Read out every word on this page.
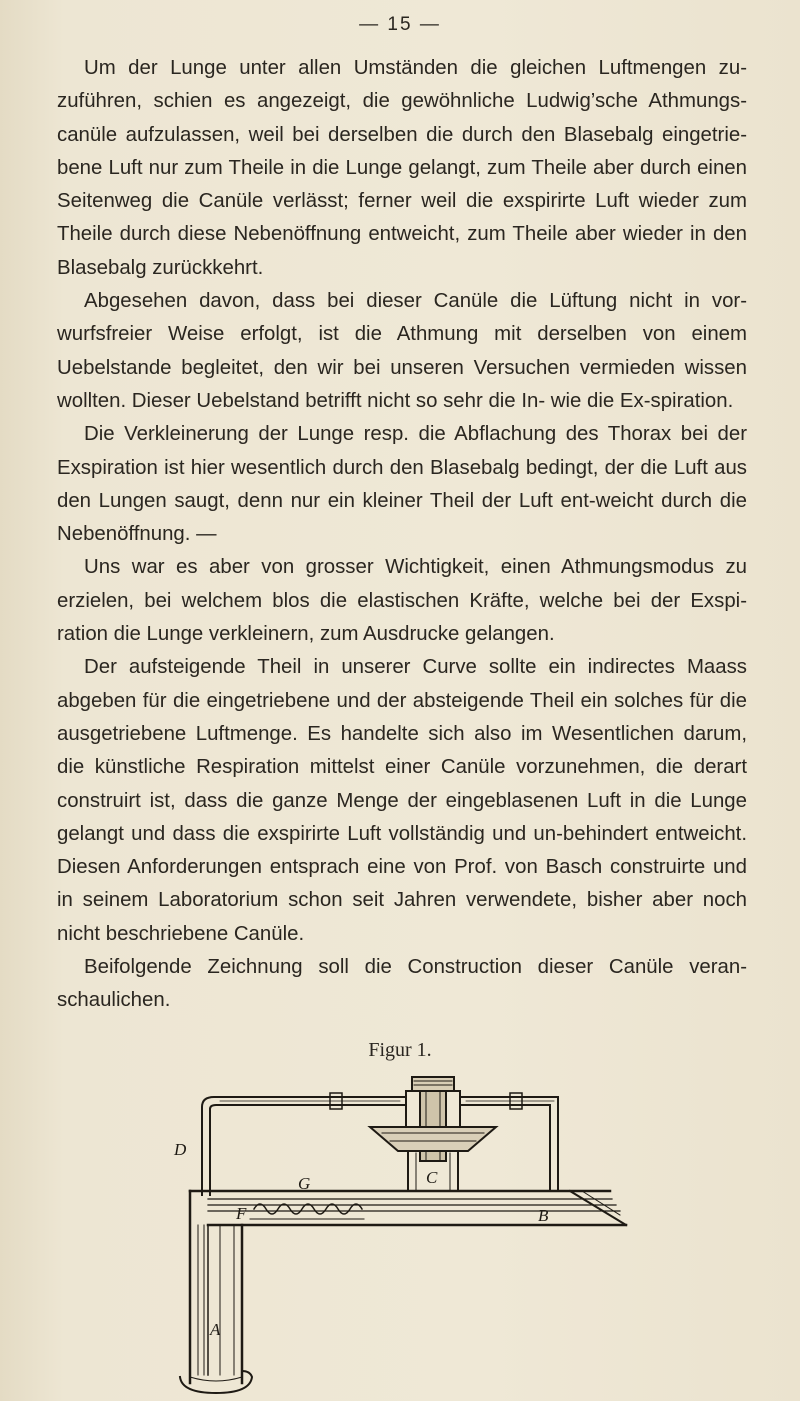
— 15 —

Um der Lunge unter allen Umständen die gleichen Luftmengen zu-zuführen, schien es angezeigt, die gewöhnliche Ludwig’sche Athmungs-canüle aufzulassen, weil bei derselben die durch den Blasebalg eingetrie-bene Luft nur zum Theile in die Lunge gelangt, zum Theile aber durch einen Seitenweg die Canüle verlässt; ferner weil die exspirirte Luft wieder zum Theile durch diese Nebenöffnung entweicht, zum Theile aber wieder in den Blasebalg zurückkehrt.

Abgesehen davon, dass bei dieser Canüle die Lüftung nicht in vor-wurfsfreier Weise erfolgt, ist die Athmung mit derselben von einem Uebelstande begleitet, den wir bei unseren Versuchen vermieden wissen wollten. Dieser Uebelstand betrifft nicht so sehr die In- wie die Ex-spiration.

Die Verkleinerung der Lunge resp. die Abflachung des Thorax bei der Exspiration ist hier wesentlich durch den Blasebalg bedingt, der die Luft aus den Lungen saugt, denn nur ein kleiner Theil der Luft ent-weicht durch die Nebenöffnung. —

Uns war es aber von grosser Wichtigkeit, einen Athmungsmodus zu erzielen, bei welchem blos die elastischen Kräfte, welche bei der Exspi-ration die Lunge verkleinern, zum Ausdrucke gelangen.

Der aufsteigende Theil in unserer Curve sollte ein indirectes Maass abgeben für die eingetriebene und der absteigende Theil ein solches für die ausgetriebene Luftmenge. Es handelte sich also im Wesentlichen darum, die künstliche Respiration mittelst einer Canüle vorzunehmen, die derart construirt ist, dass die ganze Menge der eingeblasenen Luft in die Lunge gelangt und dass die exspirirte Luft vollständig und un-behindert entweicht. Diesen Anforderungen entsprach eine von Prof. von Basch construirte und in seinem Laboratorium schon seit Jahren verwendete, bisher aber noch nicht beschriebene Canüle.

Beifolgende Zeichnung soll die Construction dieser Canüle veran-schaulichen.

Figur 1.
D
C
G
F	B
A
